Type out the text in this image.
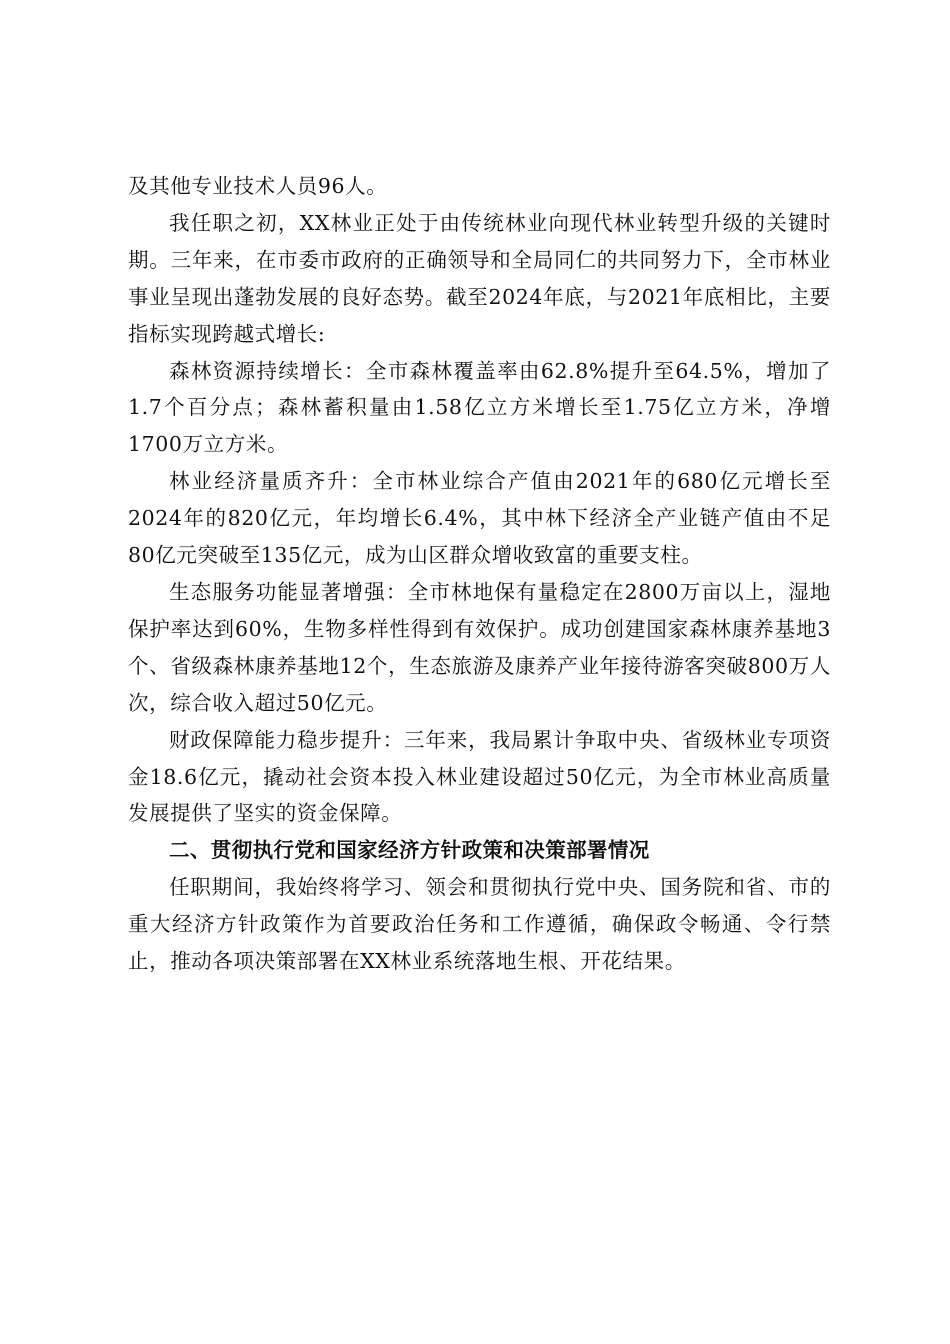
及其他专业技术人员96人。

我任职之初，XX林业正处于由传统林业向现代林业转型升级的关键时期。三年来，在市委市政府的正确领导和全局同仁的共同努力下，全市林业事业呈现出蓬勃发展的良好态势。截至2024年底，与2021年底相比，主要指标实现跨越式增长:

森林资源持续增长：全市森林覆盖率由62.8%提升至64.5%，增加了1.7个百分点；森林蓄积量由1.58亿立方米增长至1.75亿立方米，净增1700万立方米。

林业经济量质齐升：全市林业综合产值由2021年的680亿元增长至2024年的820亿元，年均增长6.4%，其中林下经济全产业链产值由不足80亿元突破至135亿元，成为山区群众增收致富的重要支柱。

生态服务功能显著增强：全市林地保有量稳定在2800万亩以上，湿地保护率达到60%，生物多样性得到有效保护。成功创建国家森林康养基地3个、省级森林康养基地12个，生态旅游及康养产业年接待游客突破800万人次，综合收入超过50亿元。

财政保障能力稳步提升：三年来，我局累计争取中央、省级林业专项资金18.6亿元，撬动社会资本投入林业建设超过50亿元，为全市林业高质量发展提供了坚实的资金保障。

二、贯彻执行党和国家经济方针政策和决策部署情况

任职期间，我始终将学习、领会和贯彻执行党中央、国务院和省、市的重大经济方针政策作为首要政治任务和工作遵循，确保政令畅通、令行禁止，推动各项决策部署在XX林业系统落地生根、开花结果。
